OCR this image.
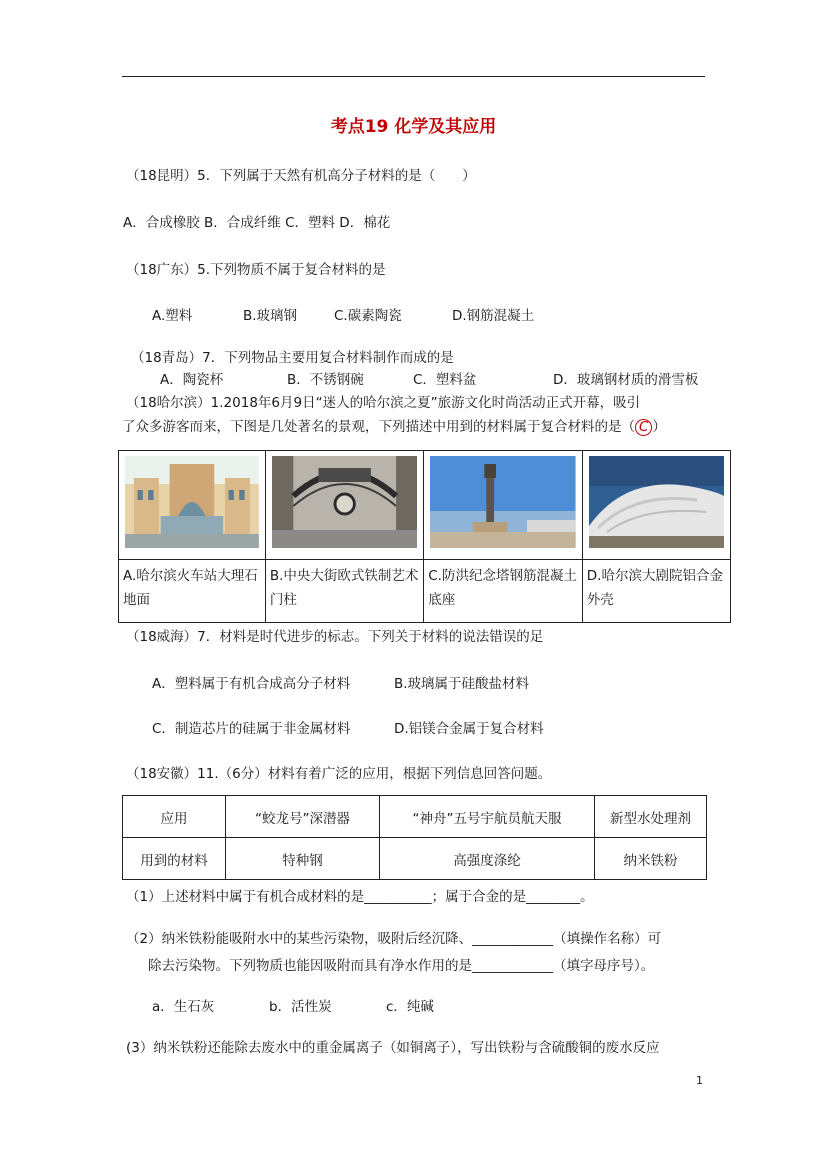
考点19 化学及其应用
（18昆明）5．下列属于天然有机高分子材料的是（　　）
A．合成橡胶 B．合成纤维 C．塑料 D．棉花
（18广东）5.下列物质不属于复合材料的是
A.塑料	B.玻璃钢	C.碳素陶瓷	D.钢筋混凝土
（18青岛）7．下列物品主要用复合材料制作而成的是
A．陶瓷杯	B．不锈钢碗	C．塑料盆	D．玻璃钢材质的滑雪板
（18哈尔滨）1.2018年6月9日“迷人的哈尔滨之夏”旅游文化时尚活动正式开幕，吸引
了众多游客而来，下图是几处著名的景观，下列描述中用到的材料属于复合材料的是（ C ）

A.哈尔滨火车站大理石地面	B.中央大街欧式铁制艺术门柱	C.防洪纪念塔钢筋混凝土底座	D.哈尔滨大剧院铝合金外壳
（18威海）7．材料是时代进步的标志。下列关于材料的说法错误的足
A．塑料属于有机合成高分子材料	B.玻璃属于硅酸盐材料
C．制造芯片的硅属于非金属材料	D.铝镁合金属于复合材料
（18安徽）11.（6分）材料有着广泛的应用，根据下列信息回答问题。
应用	“蛟龙号”深潜器	“神舟”五号宇航员航天服	新型水处理剂
用到的材料	特种钢	高强度涤纶	纳米铁粉
（1）上述材料中属于有机合成材料的是__________；属于合金的是________。
（2）纳米铁粉能吸附水中的某些污染物，吸附后经沉降、____________（填操作名称）可
除去污染物。下列物质也能因吸附而具有净水作用的是____________（填字母序号）。
a．生石灰	b．活性炭	c．纯碱
(3）纳米铁粉还能除去废水中的重金属离子（如铜离子），写出铁粉与含硫酸铜的废水反应
1
